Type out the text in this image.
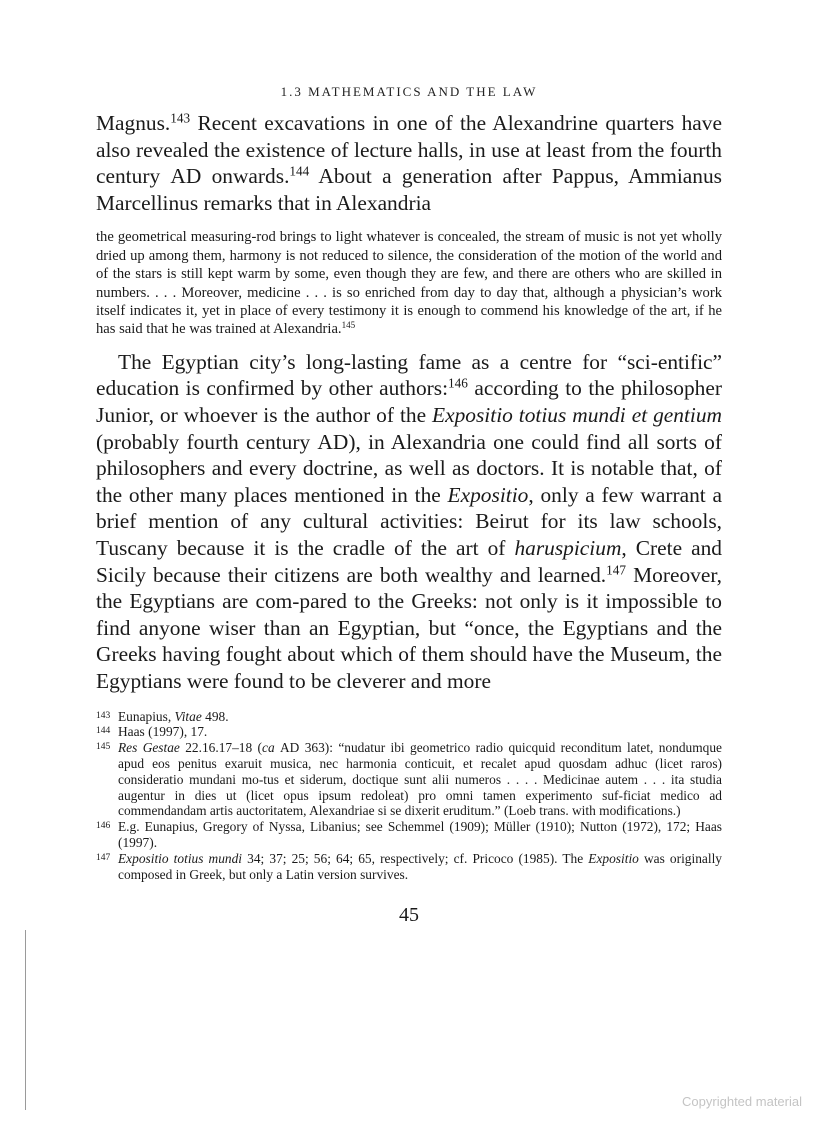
1.3 MATHEMATICS AND THE LAW

Magnus.$^{143}$ Recent excavations in one of the Alexandrine quarters have also revealed the existence of lecture halls, in use at least from the fourth century AD onwards.$^{144}$ About a generation after Pappus, Ammianus Marcellinus remarks that in Alexandria

the geometrical measuring-rod brings to light whatever is concealed, the stream of music is not yet wholly dried up among them, harmony is not reduced to silence, the consideration of the motion of the world and of the stars is still kept warm by some, even though they are few, and there are others who are skilled in numbers. . . . Moreover, medicine . . . is so enriched from day to day that, although a physician’s work itself indicates it, yet in place of every testimony it is enough to commend his knowledge of the art, if he has said that he was trained at Alexandria.$^{145}$

The Egyptian city’s long-lasting fame as a centre for “sci-entific” education is confirmed by other authors:$^{146}$ according to the philosopher Junior, or whoever is the author of the Expositio totius mundi et gentium (probably fourth century AD), in Alexandria one could find all sorts of philosophers and every doctrine, as well as doctors. It is notable that, of the other many places mentioned in the Expositio, only a few warrant a brief mention of any cultural activities: Beirut for its law schools, Tuscany because it is the cradle of the art of haruspicium, Crete and Sicily because their citizens are both wealthy and learned.$^{147}$ Moreover, the Egyptians are com-pared to the Greeks: not only is it impossible to find anyone wiser than an Egyptian, but “once, the Egyptians and the Greeks having fought about which of them should have the Museum, the Egyptians were found to be cleverer and more

143 Eunapius, Vitae 498.
144 Haas (1997), 17.
145 Res Gestae 22.16.17–18 (ca AD 363): “nudatur ibi geometrico radio quicquid reconditum latet, nondumque apud eos penitus exaruit musica, nec harmonia conticuit, et recalet apud quosdam adhuc (licet raros) consideratio mundani mo-tus et siderum, doctique sunt alii numeros . . . . Medicinae autem . . . ita studia augentur in dies ut (licet opus ipsum redoleat) pro omni tamen experimento suf-ficiat medico ad commendandam artis auctoritatem, Alexandriae si se dixerit eruditum.” (Loeb trans. with modifications.)
146 E.g. Eunapius, Gregory of Nyssa, Libanius; see Schemmel (1909); Müller (1910); Nutton (1972), 172; Haas (1997).
147 Expositio totius mundi 34; 37; 25; 56; 64; 65, respectively; cf. Pricoco (1985). The Expositio was originally composed in Greek, but only a Latin version survives.
45
Copyrighted material
